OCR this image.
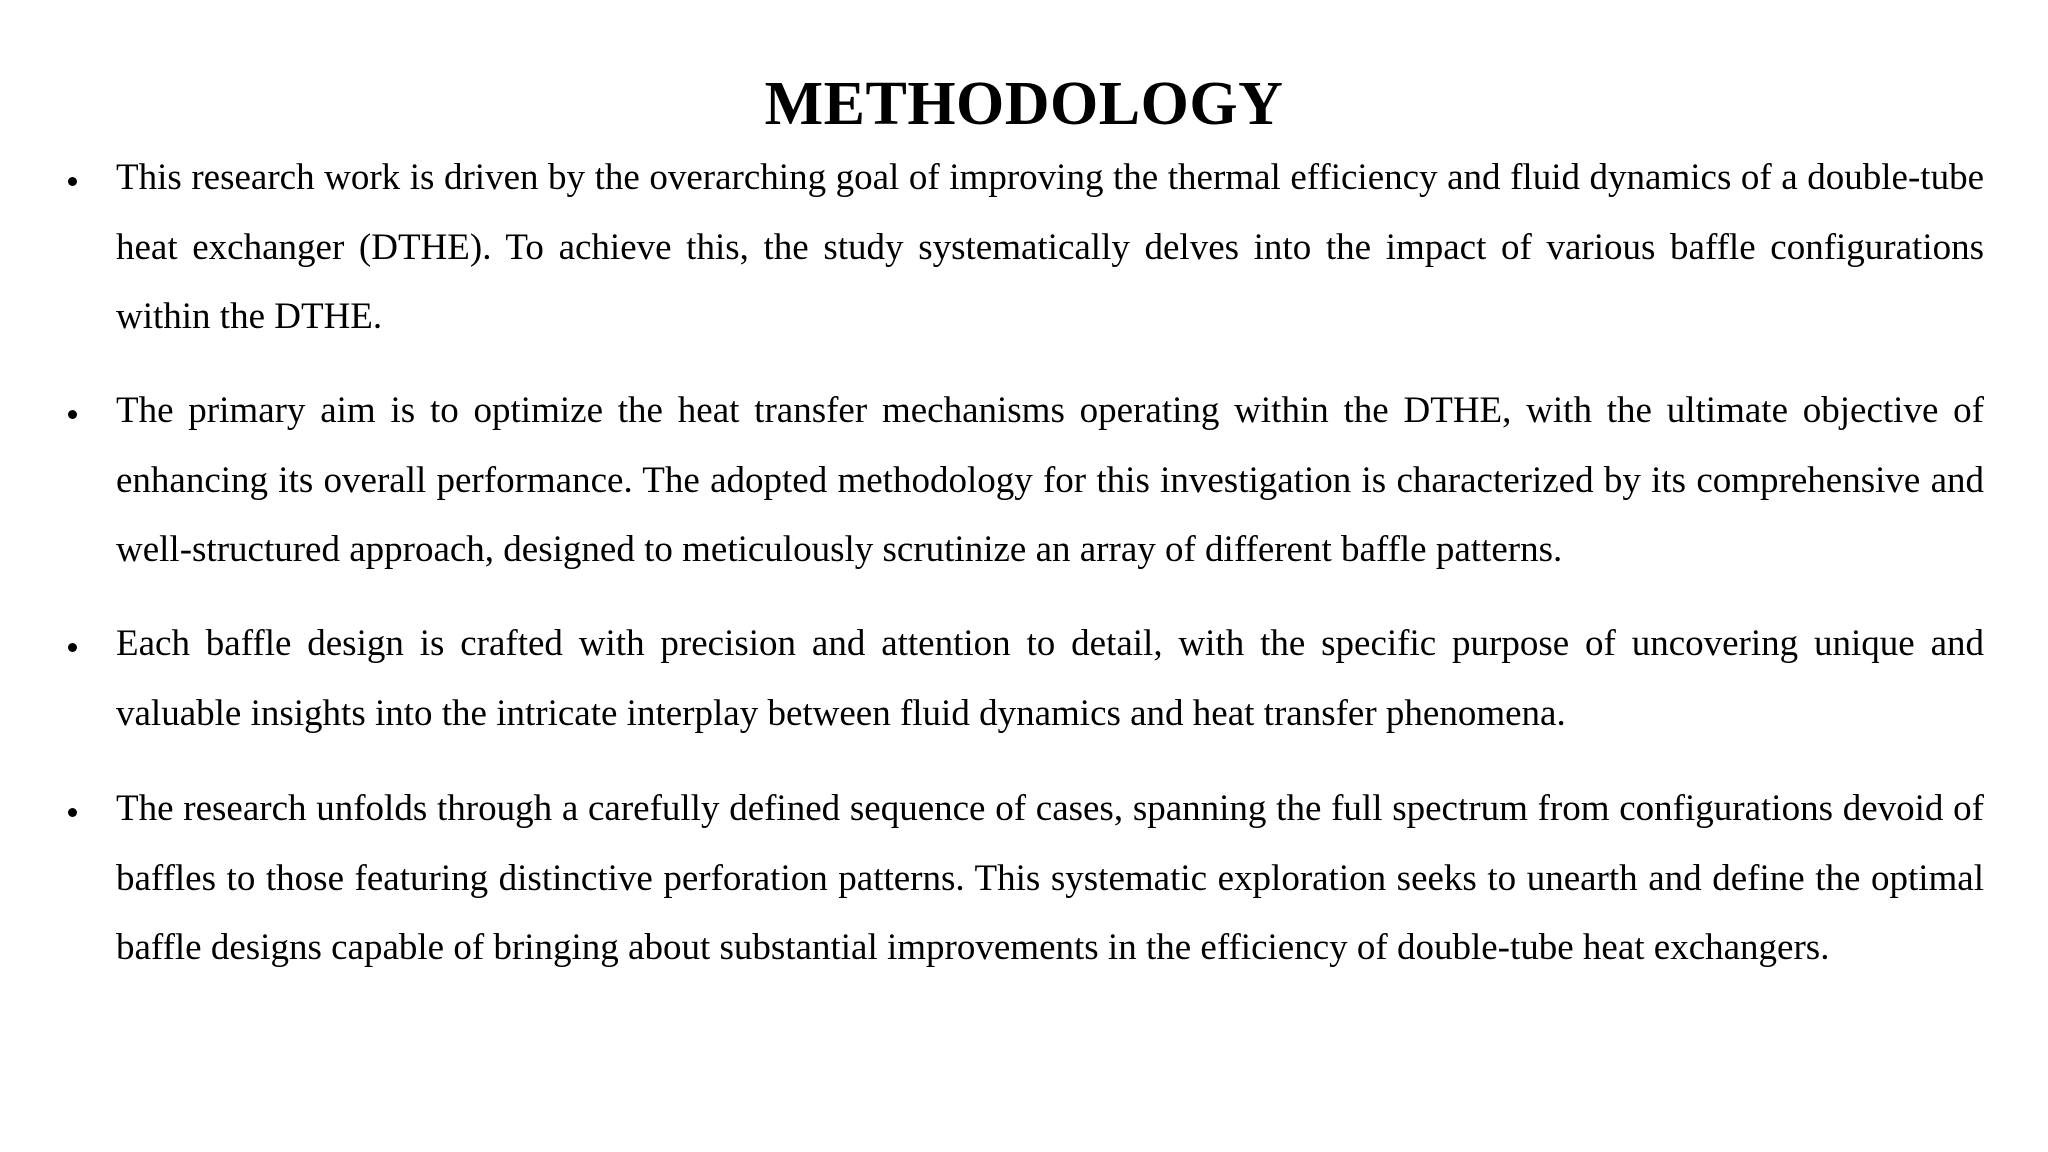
METHODOLOGY

This research work is driven by the overarching goal of improving the thermal efficiency and fluid dynamics of a double-tube heat exchanger (DTHE). To achieve this, the study systematically delves into the impact of various baffle configurations within the DTHE.

The primary aim is to optimize the heat transfer mechanisms operating within the DTHE, with the ultimate objective of enhancing its overall performance. The adopted methodology for this investigation is characterized by its comprehensive and well-structured approach, designed to meticulously scrutinize an array of different baffle patterns.

Each baffle design is crafted with precision and attention to detail, with the specific purpose of uncovering unique and valuable insights into the intricate interplay between fluid dynamics and heat transfer phenomena.

The research unfolds through a carefully defined sequence of cases, spanning the full spectrum from configurations devoid of baffles to those featuring distinctive perforation patterns. This systematic exploration seeks to unearth and define the optimal baffle designs capable of bringing about substantial improvements in the efficiency of double-tube heat exchangers.
